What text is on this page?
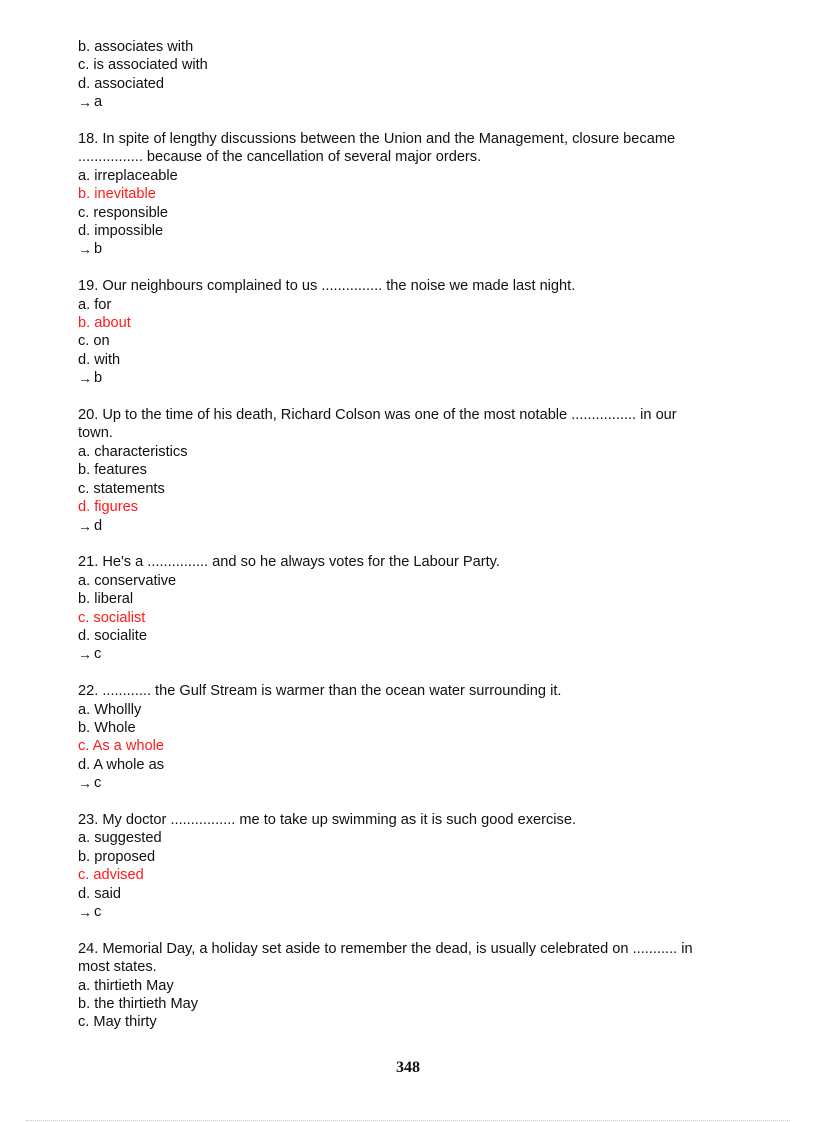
b. associates with
c. is associated with
d. associated
→ a
18. In spite of lengthy discussions between the Union and the Management, closure became
................ because of the cancellation of several major orders.
a. irreplaceable
b. inevitable
c. responsible
d. impossible
→ b
19. Our neighbours complained to us ............... the noise we made last night.
a. for
b. about
c. on
d. with
→ b
20. Up to the time of his death, Richard Colson was one of the most notable ................ in our
town.
a. characteristics
b. features
c. statements
d. figures
→ d
21. He's a ............... and so he always votes for the Labour Party.
a. conservative
b. liberal
c. socialist
d. socialite
→ c
22. ............ the Gulf Stream is warmer than the ocean water surrounding it.
a. Whollly
b. Whole
c. As a whole
d. A whole as
→ c
23. My doctor ................ me to take up swimming as it is such good exercise.
a. suggested
b. proposed
c. advised
d. said
→ c
24. Memorial Day, a holiday set aside to remember the dead, is usually celebrated on ........... in
most states.
a. thirtieth May
b. the thirtieth May
c. May thirty
348
